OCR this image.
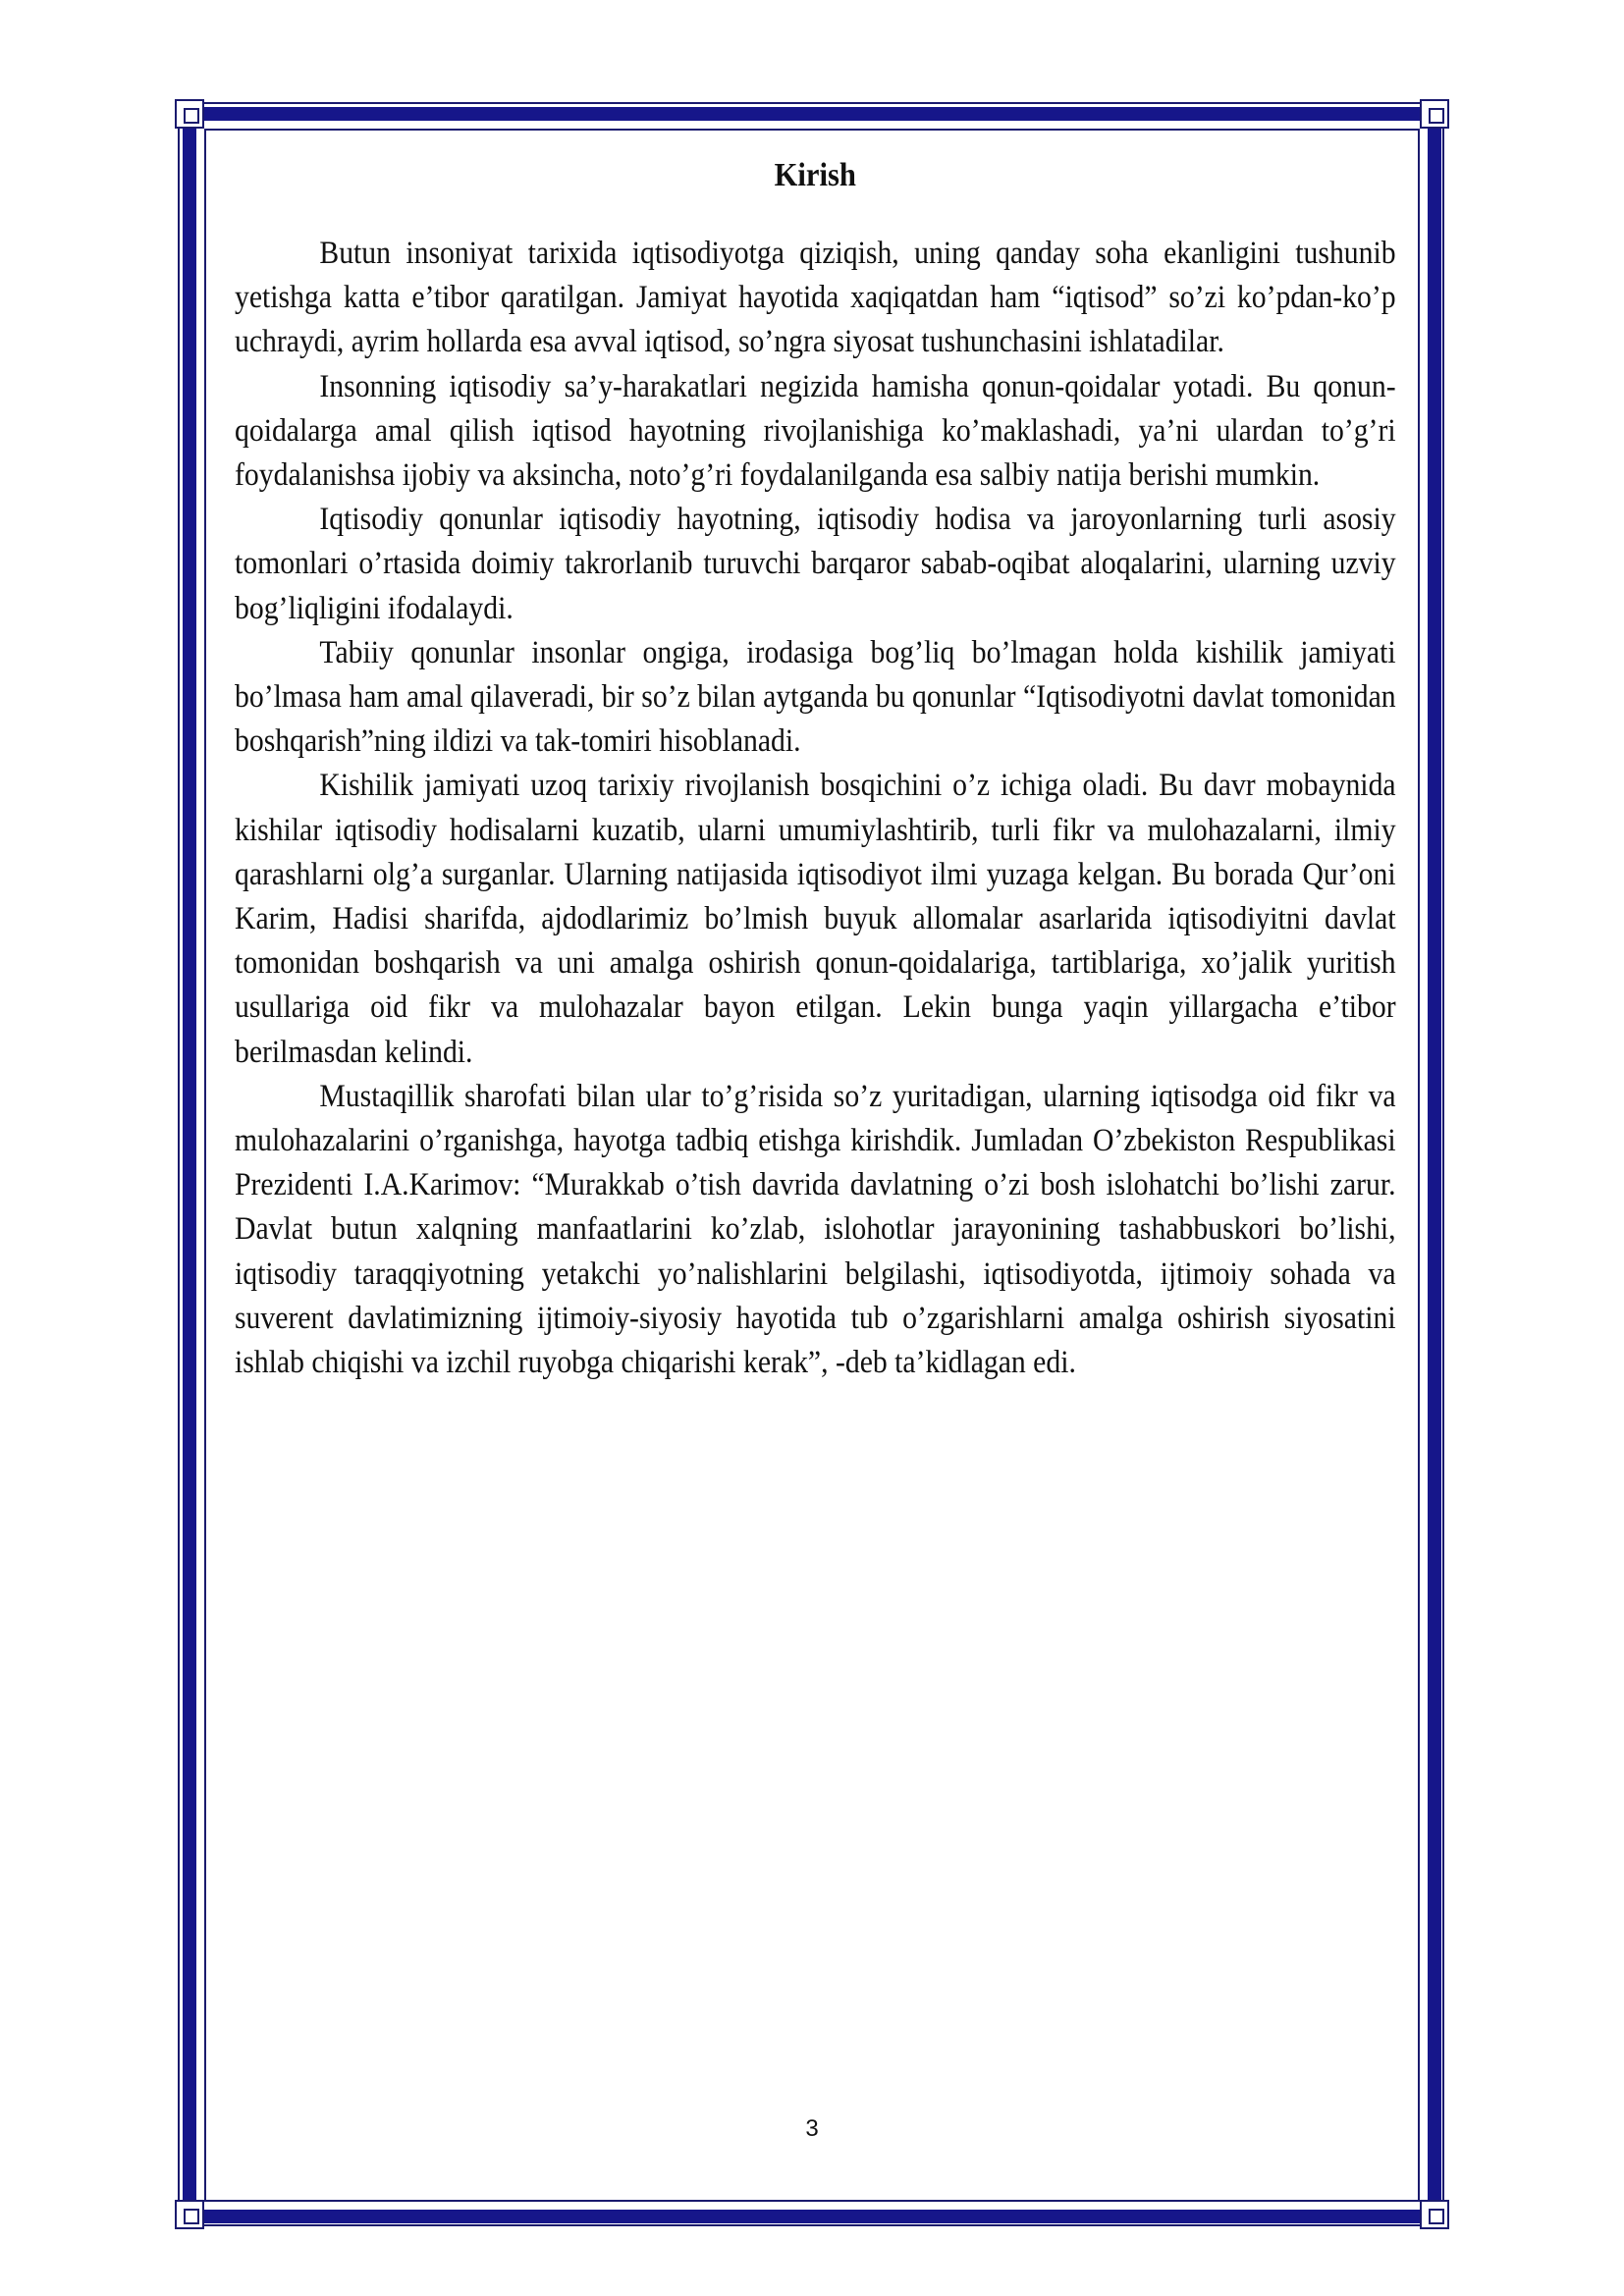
Kirish

Butun insoniyat tarixida iqtisodiyotga qiziqish, uning qanday soha ekanligini tushunib yetishga katta e’tibor qaratilgan. Jamiyat hayotida xaqiqatdan ham “iqtisod” so’zi ko’pdan-ko’p uchraydi, ayrim hollarda esa avval iqtisod, so’ngra siyosat tushunchasini ishlatadilar.

Insonning iqtisodiy sa’y-harakatlari negizida hamisha qonun-qoidalar yotadi. Bu qonun-qoidalarga amal qilish iqtisod hayotning rivojlanishiga ko’maklashadi, ya’ni ulardan to’g’ri foydalanishsa ijobiy va aksincha, noto’g’ri foydalanilganda esa salbiy natija berishi mumkin.

Iqtisodiy qonunlar iqtisodiy hayotning, iqtisodiy hodisa va jaroyonlarning turli asosiy tomonlari o’rtasida doimiy takrorlanib turuvchi barqaror sabab-oqibat aloqalarini, ularning uzviy bog’liqligini ifodalaydi.

Tabiiy qonunlar insonlar ongiga, irodasiga bog’liq bo’lmagan holda kishilik jamiyati bo’lmasa ham amal qilaveradi, bir so’z bilan aytganda bu qonunlar “Iqtisodiyotni davlat tomonidan boshqarish”ning ildizi va tak-tomiri hisoblanadi.

Kishilik jamiyati uzoq tarixiy rivojlanish bosqichini o’z ichiga oladi. Bu davr mobaynida kishilar iqtisodiy hodisalarni kuzatib, ularni umumiylashtirib, turli fikr va mulohazalarni, ilmiy qarashlarni olg’a surganlar. Ularning natijasida iqtisodiyot ilmi yuzaga kelgan. Bu borada Qur’oni Karim, Hadisi sharifda, ajdodlarimiz bo’lmish buyuk allomalar asarlarida iqtisodiyitni davlat tomonidan boshqarish va uni amalga oshirish qonun-qoidalariga, tartiblariga, xo’jalik yuritish usullariga oid fikr va mulohazalar bayon etilgan. Lekin bunga yaqin yillargacha e’tibor berilmasdan kelindi.

Mustaqillik sharofati bilan ular to’g’risida so’z yuritadigan, ularning iqtisodga oid fikr va mulohazalarini o’rganishga, hayotga tadbiq etishga kirishdik. Jumladan O’zbekiston Respublikasi Prezidenti I.A.Karimov: “Murakkab o’tish davrida davlatning o’zi bosh islohatchi bo’lishi zarur. Davlat butun xalqning manfaatlarini ko’zlab, islohotlar jarayonining tashabbuskori bo’lishi, iqtisodiy taraqqiyotning yetakchi yo’nalishlarini belgilashi, iqtisodiyotda, ijtimoiy sohada va suverent davlatimizning ijtimoiy-siyosiy hayotida tub o’zgarishlarni amalga oshirish siyosatini ishlab chiqishi va izchil ruyobga chiqarishi kerak”, -deb ta’kidlagan edi.

3
